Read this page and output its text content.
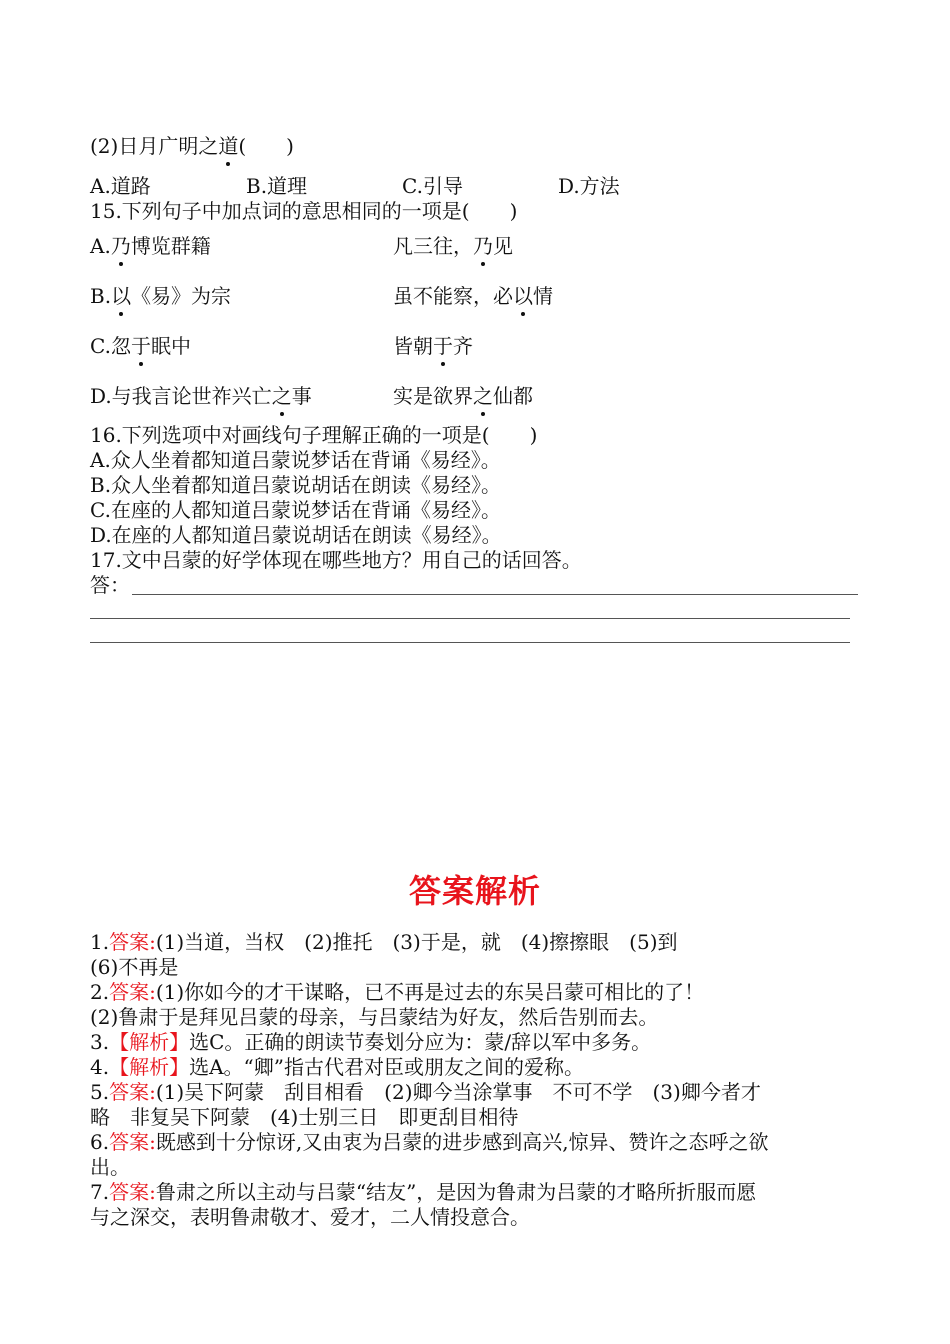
(2)日月广明之道(　　)
A.道路	B.道理	C.引导	D.方法
15.下列句子中加点词的意思相同的一项是(　　)
A.乃博览群籍	凡三往，乃见
B.以《易》为宗	虽不能察，必以情
C.忽于眠中	皆朝于齐
D.与我言论世祚兴亡之事	实是欲界之仙都
16.下列选项中对画线句子理解正确的一项是(　　)
A.众人坐着都知道吕蒙说梦话在背诵《易经》。
B.众人坐着都知道吕蒙说胡话在朗读《易经》。
C.在座的人都知道吕蒙说梦话在背诵《易经》。
D.在座的人都知道吕蒙说胡话在朗读《易经》。
17.文中吕蒙的好学体现在哪些地方？用自己的话回答。
答：
答案解析
1.答案:(1)当道，当权　(2)推托　(3)于是，就　(4)擦擦眼　(5)到
(6)不再是
2.答案:(1)你如今的才干谋略，已不再是过去的东吴吕蒙可相比的了！
(2)鲁肃于是拜见吕蒙的母亲，与吕蒙结为好友，然后告别而去。
3.【解析】选C。正确的朗读节奏划分应为：蒙/辞以军中多务。
4.【解析】选A。“卿”指古代君对臣或朋友之间的爱称。
5.答案:(1)吴下阿蒙　刮目相看　(2)卿今当涂掌事　不可不学　(3)卿今者才
略　非复吴下阿蒙　(4)士别三日　即更刮目相待
6.答案:既感到十分惊讶,又由衷为吕蒙的进步感到高兴,惊异、赞许之态呼之欲
出。
7.答案:鲁肃之所以主动与吕蒙“结友”，是因为鲁肃为吕蒙的才略所折服而愿
与之深交，表明鲁肃敬才、爱才，二人情投意合。
